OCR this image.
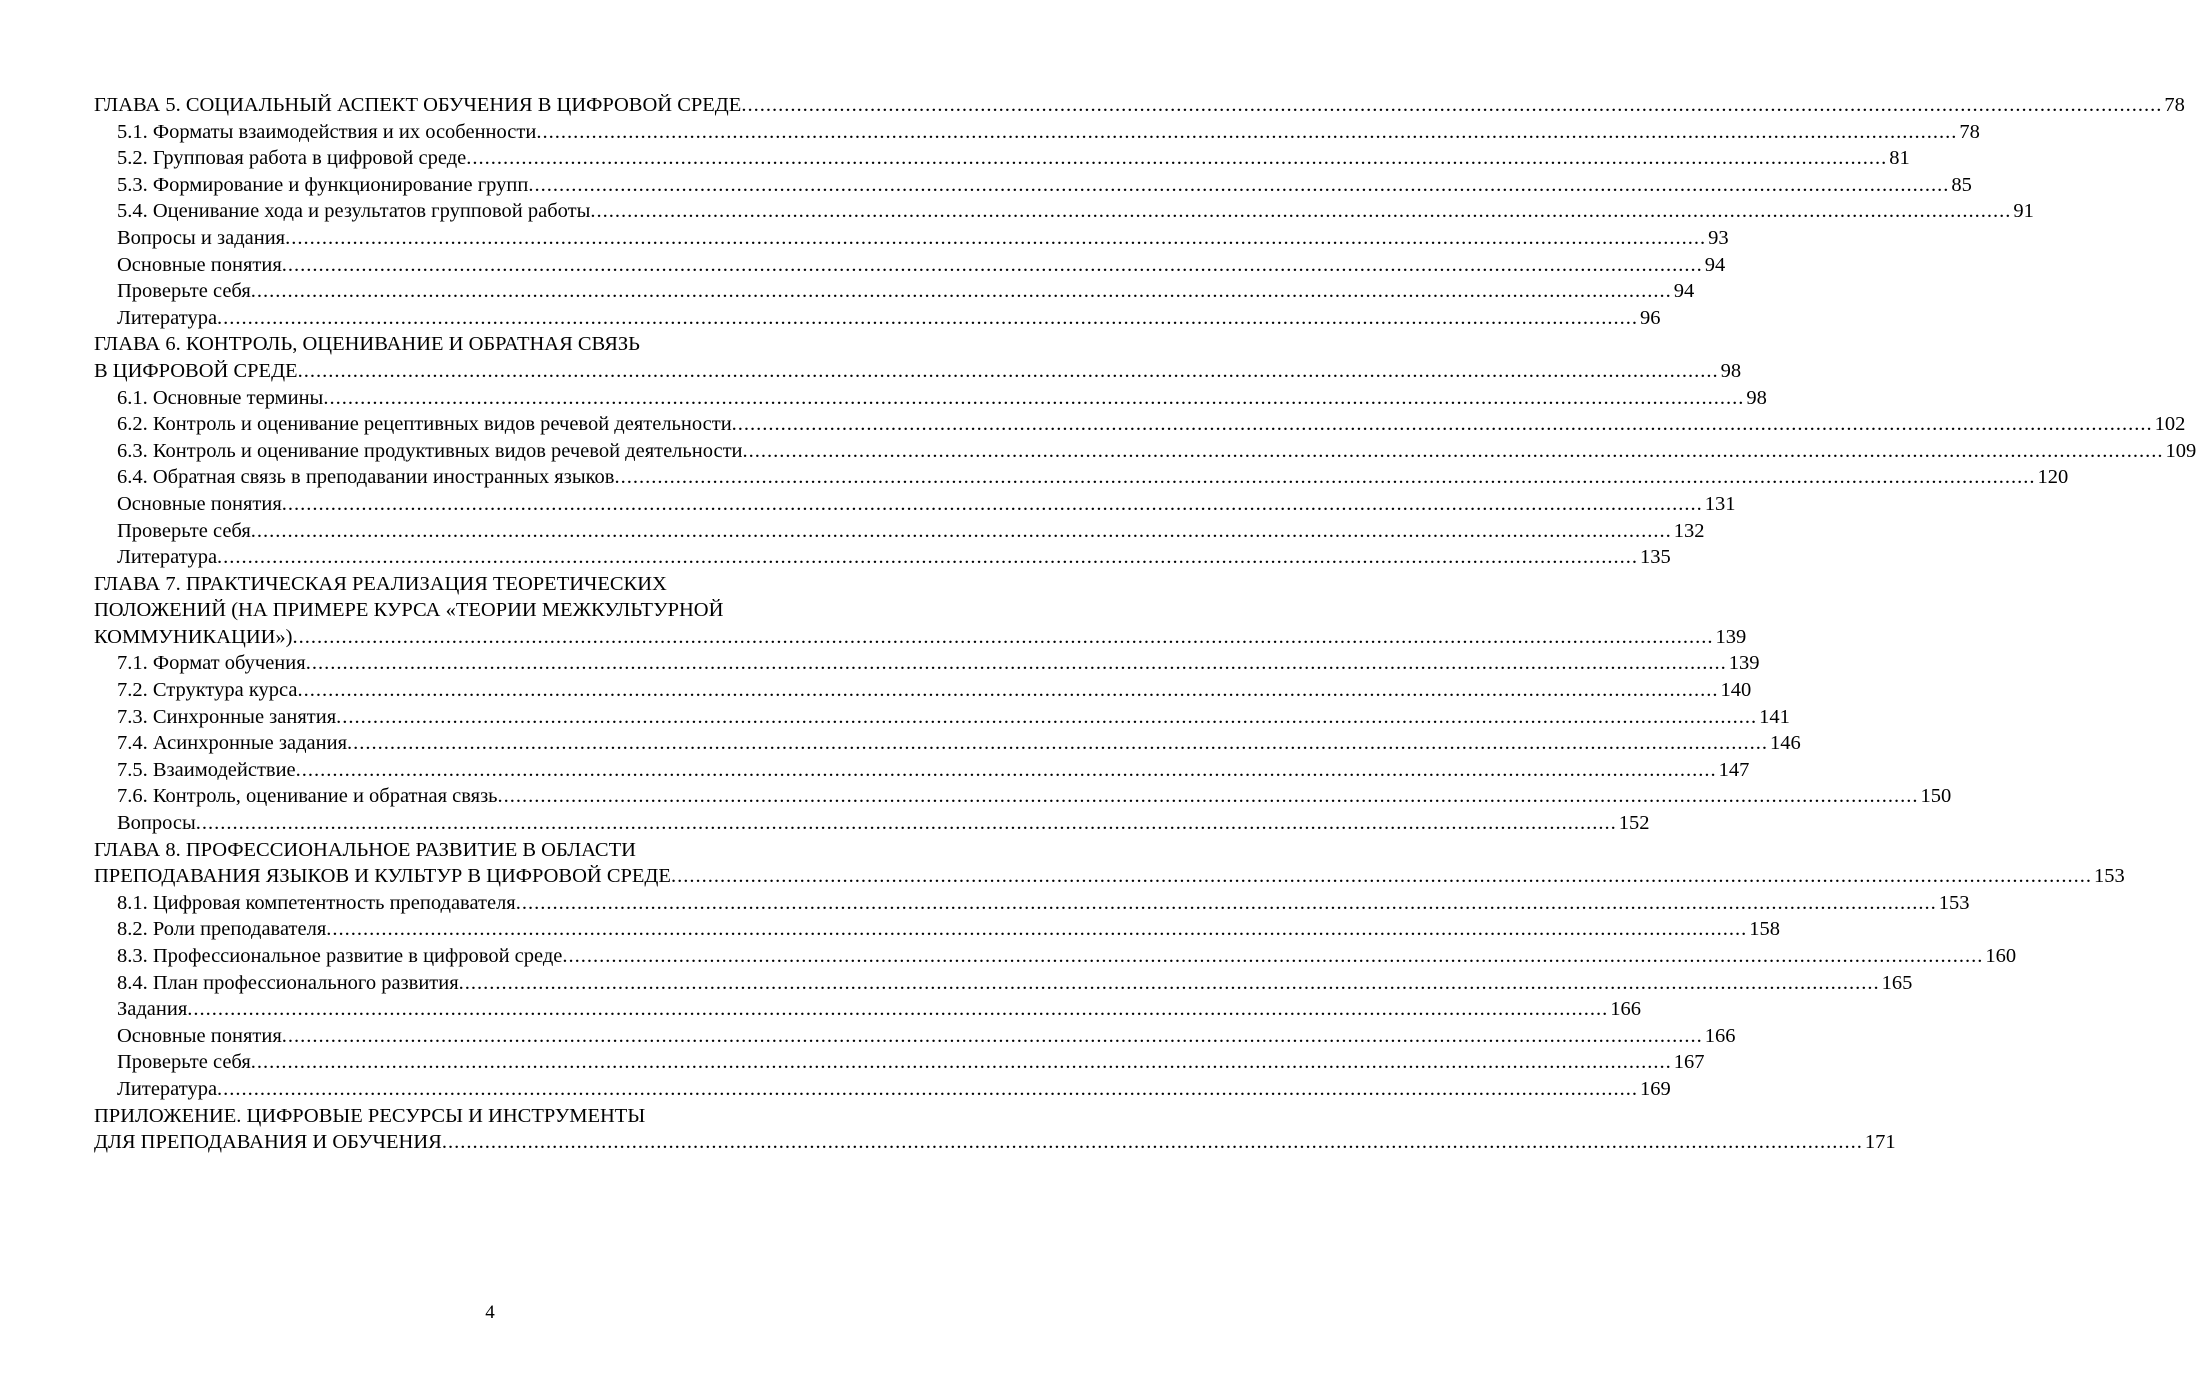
ГЛАВА 5. СОЦИАЛЬНЫЙ АСПЕКТ ОБУЧЕНИЯ В ЦИФРОВОЙ СРЕДЕ .....	78
5.1. Форматы взаимодействия и их особенности .....	78
5.2. Групповая работа в цифровой среде .....	81
5.3. Формирование и функционирование групп .....	85
5.4. Оценивание хода и результатов групповой работы .....	91
Вопросы и задания .....	93
Основные понятия .....	94
Проверьте себя .....	94
Литература .....	96
ГЛАВА 6. КОНТРОЛЬ, ОЦЕНИВАНИЕ И ОБРАТНАЯ СВЯЗЬ
В ЦИФРОВОЙ СРЕДЕ .....	98
6.1. Основные термины .....	98
6.2. Контроль и оценивание рецептивных видов речевой деятельности .....	102
6.3. Контроль и оценивание продуктивных видов речевой деятельности .....	109
6.4. Обратная связь в преподавании иностранных языков .....	120
Основные понятия .....	131
Проверьте себя .....	132
Литература .....	135
ГЛАВА 7. ПРАКТИЧЕСКАЯ РЕАЛИЗАЦИЯ ТЕОРЕТИЧЕСКИХ
ПОЛОЖЕНИЙ (НА ПРИМЕРЕ КУРСА «ТЕОРИИ МЕЖКУЛЬТУРНОЙ
КОММУНИКАЦИИ») .....	139
7.1. Формат обучения .....	139
7.2. Структура курса .....	140
7.3. Синхронные занятия .....	141
7.4. Асинхронные задания .....	146
7.5. Взаимодействие .....	147
7.6. Контроль, оценивание и обратная связь .....	150
Вопросы .....	152
ГЛАВА 8. ПРОФЕССИОНАЛЬНОЕ РАЗВИТИЕ В ОБЛАСТИ
ПРЕПОДАВАНИЯ ЯЗЫКОВ И КУЛЬТУР В ЦИФРОВОЙ СРЕДЕ .....	153
8.1. Цифровая компетентность преподавателя .....	153
8.2. Роли преподавателя .....	158
8.3. Профессиональное развитие в цифровой среде .....	160
8.4. План профессионального развития .....	165
Задания .....	166
Основные понятия .....	166
Проверьте себя .....	167
Литература .....	169
ПРИЛОЖЕНИЕ. ЦИФРОВЫЕ РЕСУРСЫ И ИНСТРУМЕНТЫ
ДЛЯ ПРЕПОДАВАНИЯ И ОБУЧЕНИЯ .....	171
4
